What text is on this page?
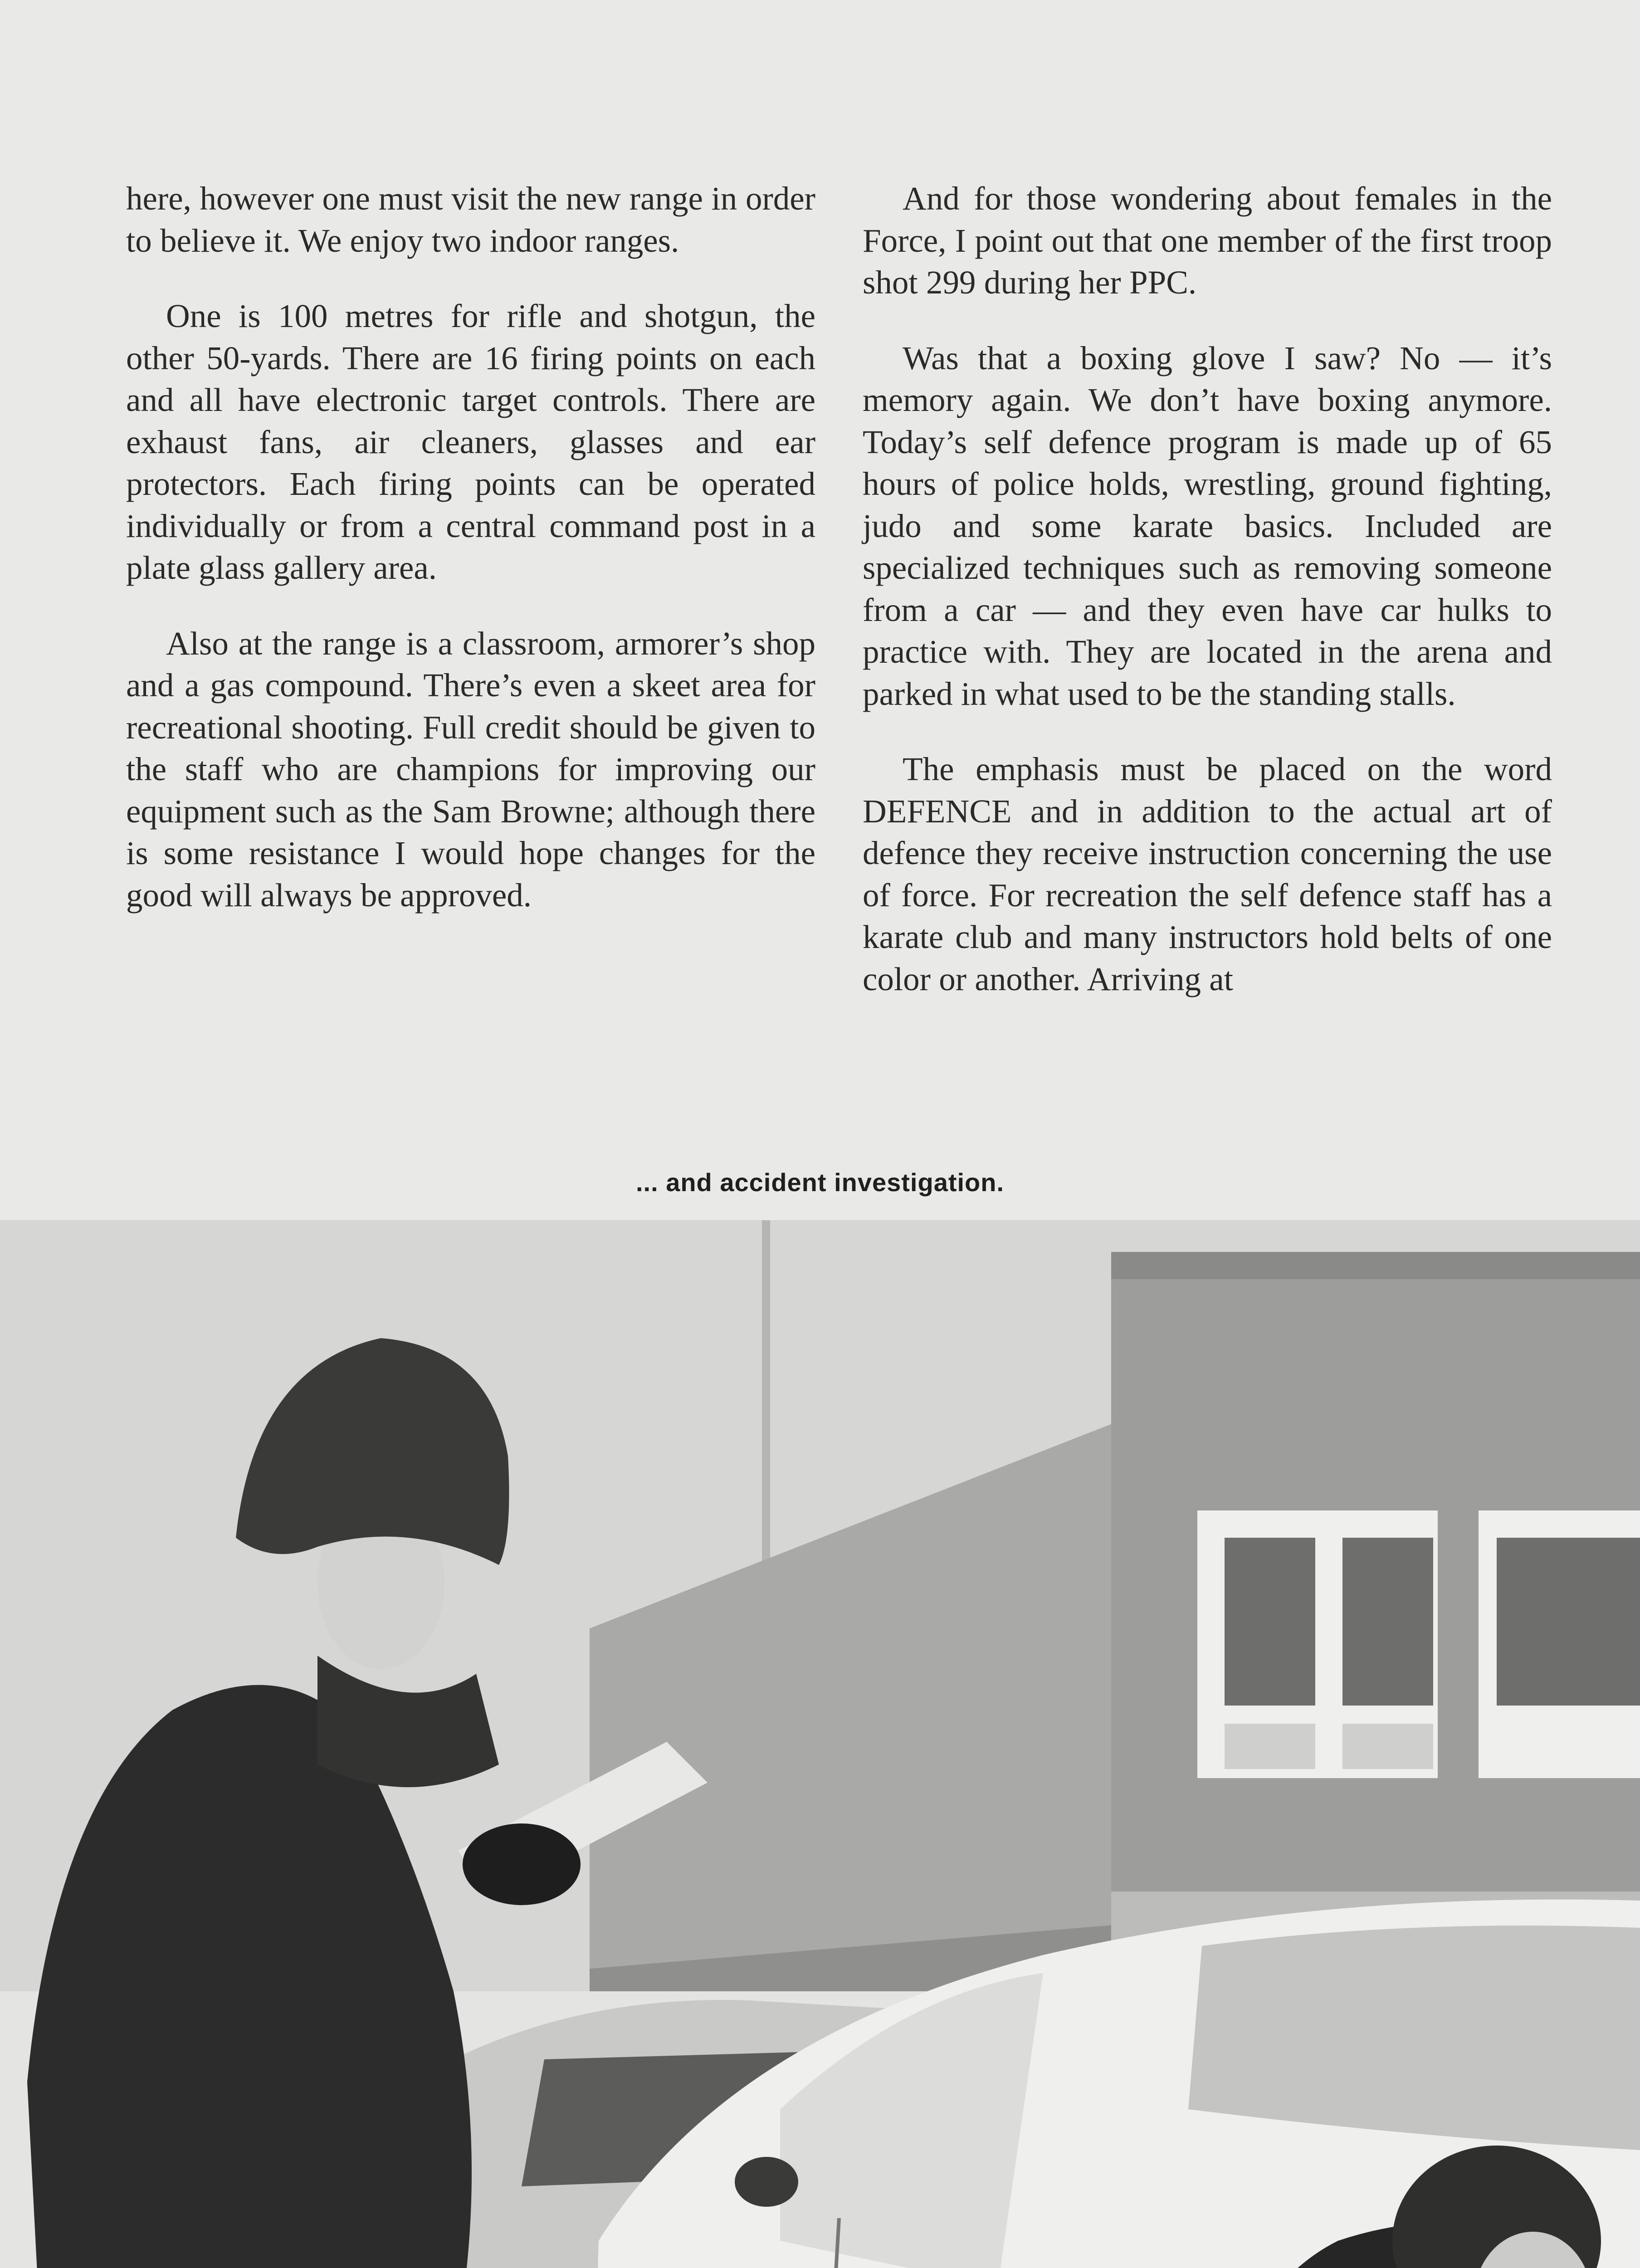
here, however one must visit the new range in order to believe it. We enjoy two indoor ranges.

One is 100 metres for rifle and shotgun, the other 50-yards. There are 16 firing points on each and all have electronic target controls. There are exhaust fans, air cleaners, glasses and ear protectors. Each firing points can be operated individually or from a central command post in a plate glass gallery area.

Also at the range is a classroom, armorer’s shop and a gas compound. There’s even a skeet area for recreational shooting. Full credit should be given to the staff who are champions for improving our equipment such as the Sam Browne; although there is some resistance I would hope changes for the good will always be approved.

And for those wondering about females in the Force, I point out that one member of the first troop shot 299 during her PPC.

Was that a boxing glove I saw? No — it’s memory again. We don’t have boxing anymore. Today’s self defence program is made up of 65 hours of police holds, wrestling, ground fighting, judo and some karate basics. Included are specialized techniques such as removing someone from a car — and they even have car hulks to practice with. They are located in the arena and parked in what used to be the standing stalls.

The emphasis must be placed on the word DEFENCE and in addition to the actual art of defence they receive instruction concerning the use of force. For recreation the self defence staff has a karate club and many instructors hold belts of one color or another. Arriving at

... and accident investigation.
